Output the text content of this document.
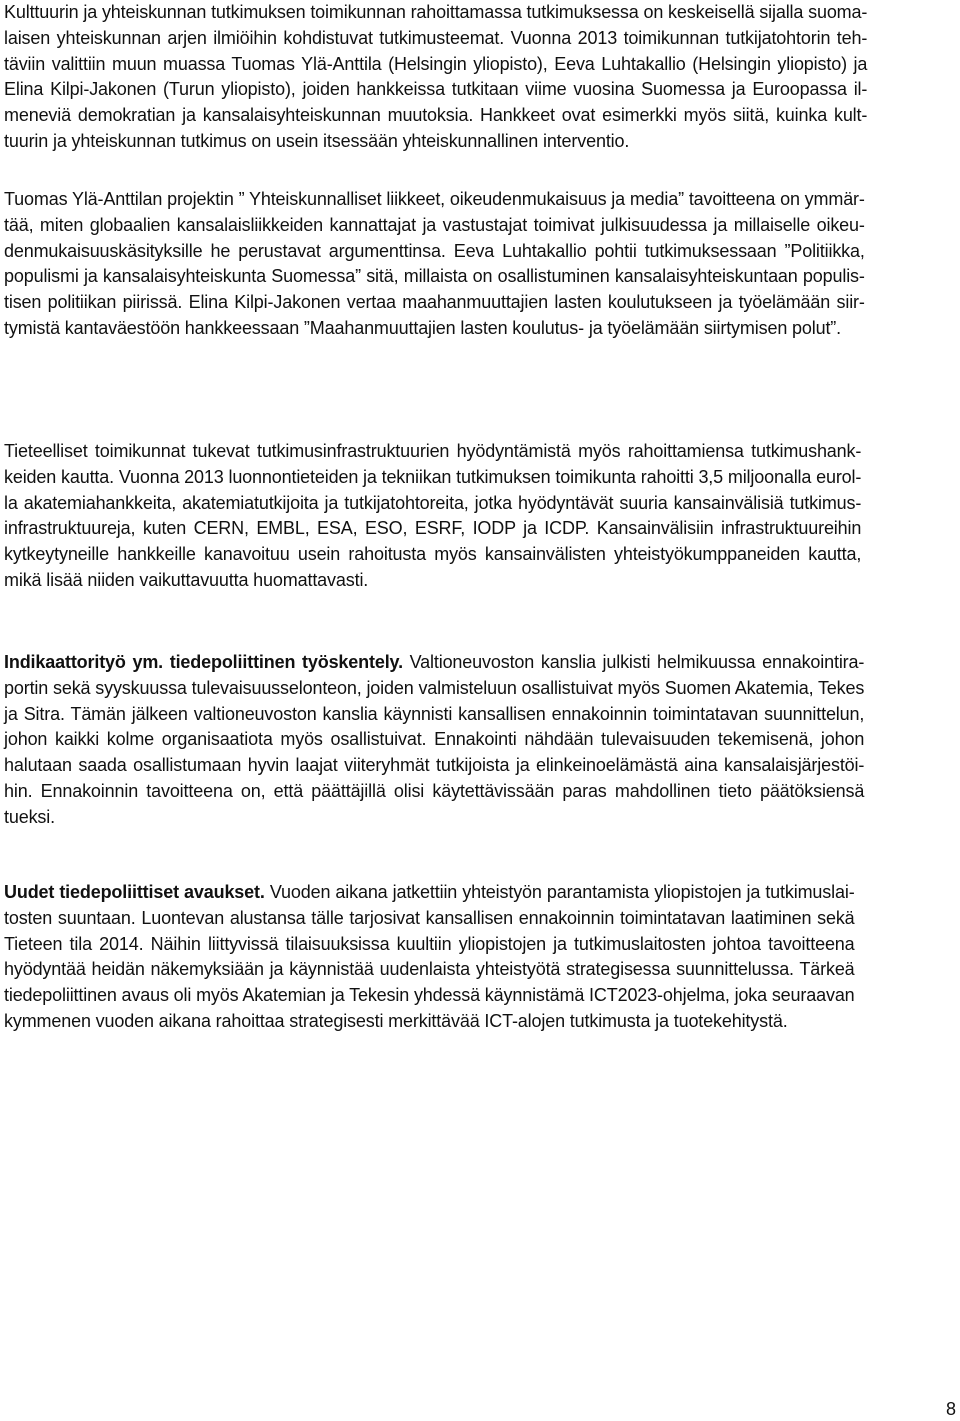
Kulttuurin ja yhteiskunnan tutkimuksen toimikunnan rahoittamassa tutkimuksessa on keskeisellä sijalla suoma-
laisen yhteiskunnan arjen ilmiöihin kohdistuvat tutkimusteemat. Vuonna 2013 toimikunnan tutkijatohtorin teh-
täviin valittiin muun muassa Tuomas Ylä-Anttila (Helsingin yliopisto), Eeva Luhtakallio (Helsingin yliopisto) ja
Elina Kilpi-Jakonen (Turun yliopisto), joiden hankkeissa tutkitaan viime vuosina Suomessa ja Euroopassa il-
meneviä demokratian ja kansalaisyhteiskunnan muutoksia. Hankkeet ovat esimerkki myös siitä, kuinka kult-
tuurin ja yhteiskunnan tutkimus on usein itsessään yhteiskunnallinen interventio.

Tuomas Ylä-Anttilan projektin ” Yhteiskunnalliset liikkeet, oikeudenmukaisuus ja media” tavoitteena on ymmär-
tää, miten globaalien kansalaisliikkeiden kannattajat ja vastustajat toimivat julkisuudessa ja millaiselle oikeu-
denmukaisuuskäsityksille he perustavat argumenttinsa. Eeva Luhtakallio pohtii tutkimuksessaan ”Politiikka,
populismi ja kansalaisyhteiskunta Suomessa” sitä, millaista on osallistuminen kansalaisyhteiskuntaan populis-
tisen politiikan piirissä. Elina Kilpi-Jakonen vertaa maahanmuuttajien lasten koulutukseen ja työelämään siir-
tymistä kantaväestöön hankkeessaan ”Maahanmuuttajien lasten koulutus- ja työelämään siirtymisen polut”.

Tieteelliset toimikunnat tukevat tutkimusinfrastruktuurien hyödyntämistä myös rahoittamiensa tutkimushank-
keiden kautta. Vuonna 2013 luonnontieteiden ja tekniikan tutkimuksen toimikunta rahoitti 3,5 miljoonalla eurol-
la akatemiahankkeita, akatemiatutkijoita ja tutkijatohtoreita, jotka hyödyntävät suuria kansainvälisiä tutkimus-
infrastruktuureja, kuten CERN, EMBL, ESA, ESO, ESRF, IODP ja ICDP. Kansainvälisiin infrastruktuureihin
kytkeytyneille hankkeille kanavoituu usein rahoitusta myös kansainvälisten yhteistyökumppaneiden kautta,
mikä lisää niiden vaikuttavuutta huomattavasti.

Indikaattorityö ym. tiedepoliittinen työskentely. Valtioneuvoston kanslia julkisti helmikuussa ennakointira-
portin sekä syyskuussa tulevaisuusselonteon, joiden valmisteluun osallistuivat myös Suomen Akatemia, Tekes
ja Sitra. Tämän jälkeen valtioneuvoston kanslia käynnisti kansallisen ennakoinnin toimintatavan suunnittelun,
johon kaikki kolme organisaatiota myös osallistuivat. Ennakointi nähdään tulevaisuuden tekemisenä, johon
halutaan saada osallistumaan hyvin laajat viiteryhmät tutkijoista ja elinkeinoelämästä aina kansalaisjärjestöi-
hin. Ennakoinnin tavoitteena on, että päättäjillä olisi käytettävissään paras mahdollinen tieto päätöksiensä
tueksi.

Uudet tiedepoliittiset avaukset. Vuoden aikana jatkettiin yhteistyön parantamista yliopistojen ja tutkimuslai-
tosten suuntaan. Luontevan alustansa tälle tarjosivat kansallisen ennakoinnin toimintatavan laatiminen sekä
Tieteen tila 2014. Näihin liittyvissä tilaisuuksissa kuultiin yliopistojen ja tutkimuslaitosten johtoa tavoitteena
hyödyntää heidän näkemyksiään ja käynnistää uudenlaista yhteistyötä strategisessa suunnittelussa. Tärkeä
tiedepoliittinen avaus oli myös Akatemian ja Tekesin yhdessä käynnistämä ICT2023-ohjelma, joka seuraavan
kymmenen vuoden aikana rahoittaa strategisesti merkittävää ICT-alojen tutkimusta ja tuotekehitystä.

8
